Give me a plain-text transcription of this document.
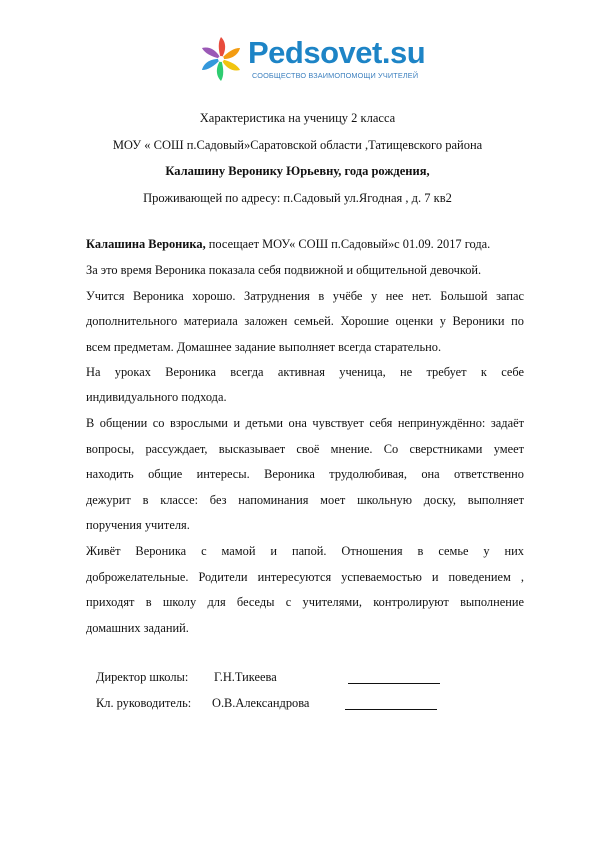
Pedsovet.su
СООБЩЕСТВО ВЗАИМОПОМОЩИ УЧИТЕЛЕЙ
Характеристика на ученицу 2 класса
МОУ « СОШ п.Садовый»Саратовской области ,Татищевского района
Калашину Веронику Юрьевну, года рождения,
Проживающей по адресу: п.Садовый ул.Ягодная , д. 7 кв2
Калашина Вероника, посещает МОУ« СОШ п.Садовый»с 01.09. 2017 года.
За это время Вероника показала себя подвижной и общительной девочкой.
Учится Вероника хорошо. Затруднения в учёбе у нее нет. Большой запас
дополнительного материала заложен семьей. Хорошие оценки у Вероники по
всем предметам. Домашнее задание выполняет всегда старательно.
На уроках Вероника всегда активная ученица, не требует к себе
индивидуального подхода.
В общении со взрослыми и детьми она чувствует себя непринуждённо: задаёт
вопросы, рассуждает, высказывает своё мнение. Со сверстниками умеет
находить общие интересы. Вероника трудолюбивая, она ответственно
дежурит в классе: без напоминания моет школьную доску, выполняет
поручения учителя.
Живёт Вероника с мамой и папой. Отношения в семье у них
доброжелательные. Родители интересуются успеваемостью и поведением ,
приходят в школу для беседы с учителями, контролируют выполнение
домашних заданий.
Директор школы: Г.Н.Тикеева
Кл. руководитель: О.В.Александрова
